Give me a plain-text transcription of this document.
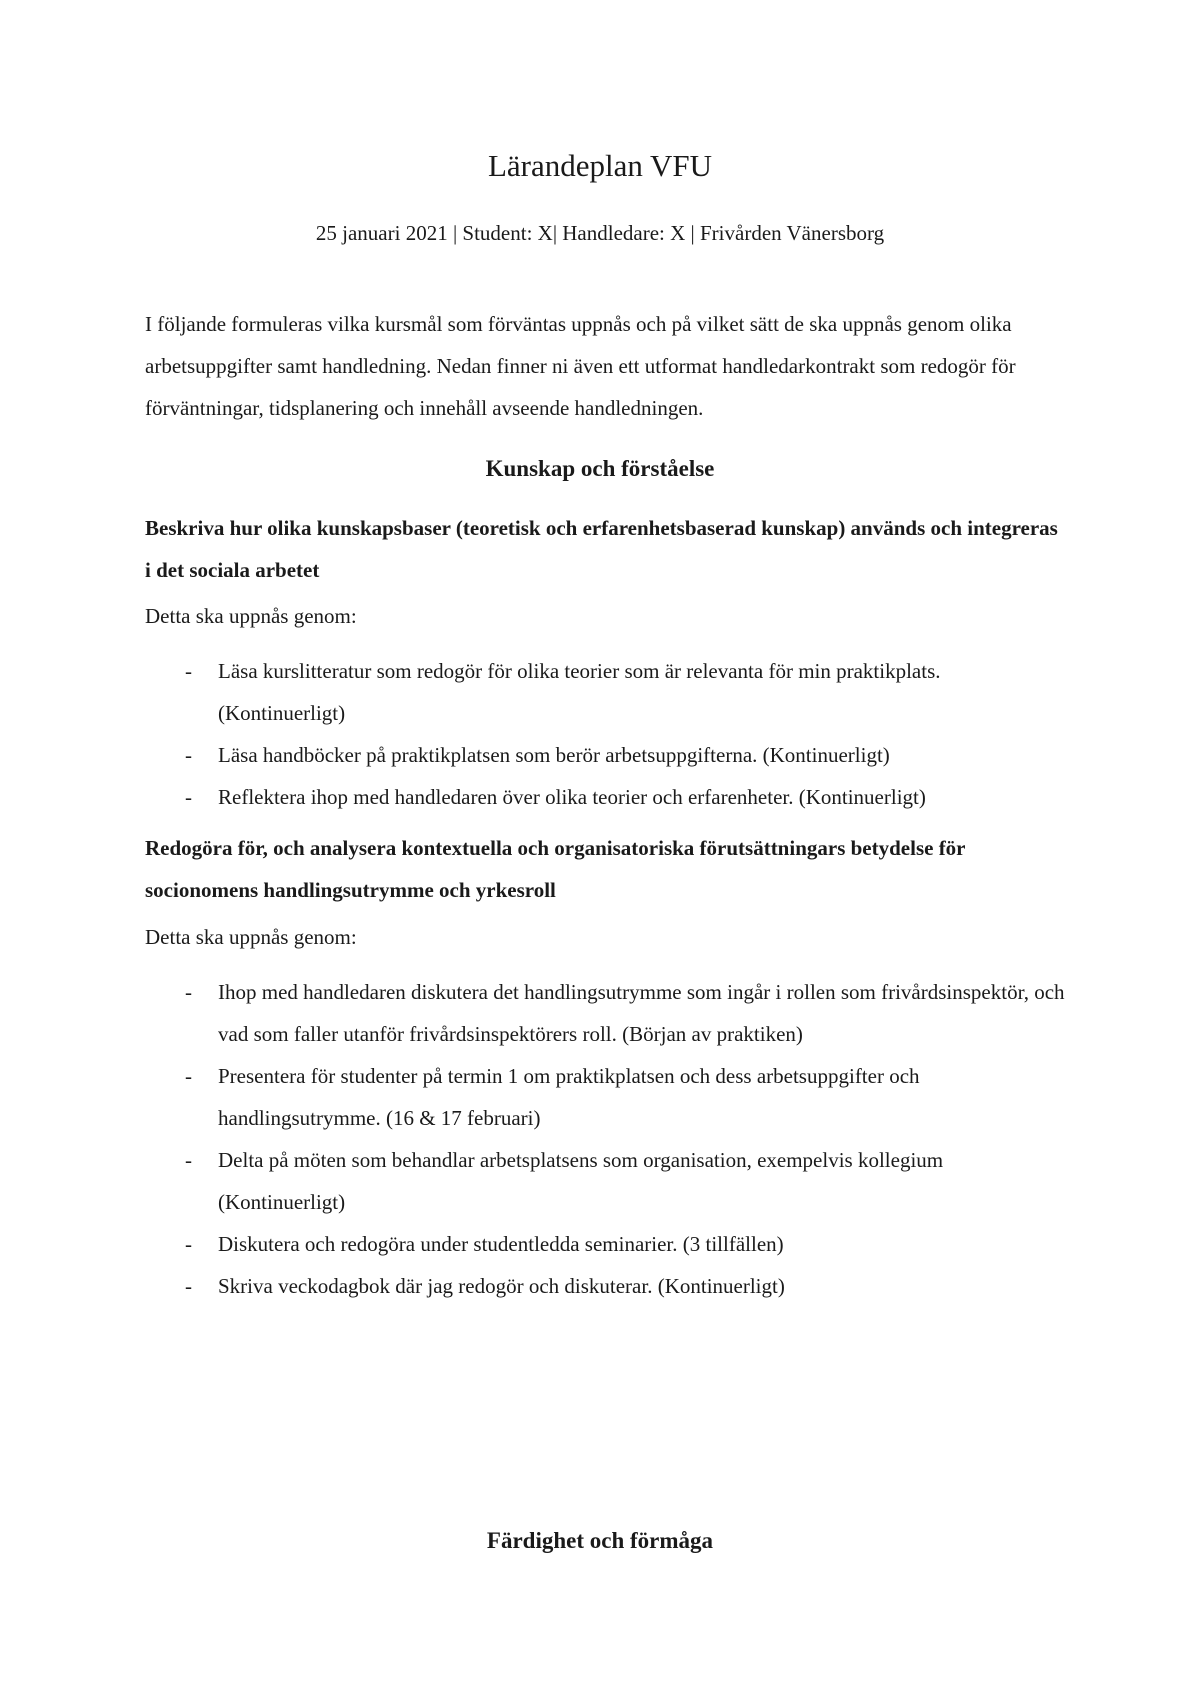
Lärandeplan VFU
25 januari 2021 | Student: X| Handledare: X | Frivården Vänersborg
I följande formuleras vilka kursmål som förväntas uppnås och på vilket sätt de ska uppnås genom olika arbetsuppgifter samt handledning. Nedan finner ni även ett utformat handledarkontrakt som redogör för förväntningar, tidsplanering och innehåll avseende handledningen.
Kunskap och förståelse
Beskriva hur olika kunskapsbaser (teoretisk och erfarenhetsbaserad kunskap) används och integreras i det sociala arbetet
Detta ska uppnås genom:
- Läsa kurslitteratur som redogör för olika teorier som är relevanta för min praktikplats. (Kontinuerligt)
- Läsa handböcker på praktikplatsen som berör arbetsuppgifterna. (Kontinuerligt)
- Reflektera ihop med handledaren över olika teorier och erfarenheter. (Kontinuerligt)
Redogöra för, och analysera kontextuella och organisatoriska förutsättningars betydelse för socionomens handlingsutrymme och yrkesroll
Detta ska uppnås genom:
- Ihop med handledaren diskutera det handlingsutrymme som ingår i rollen som frivårdsinspektör, och vad som faller utanför frivårdsinspektörers roll. (Början av praktiken)
- Presentera för studenter på termin 1 om praktikplatsen och dess arbetsuppgifter och handlingsutrymme. (16 & 17 februari)
- Delta på möten som behandlar arbetsplatsens som organisation, exempelvis kollegium (Kontinuerligt)
- Diskutera och redogöra under studentledda seminarier. (3 tillfällen)
- Skriva veckodagbok där jag redogör och diskuterar. (Kontinuerligt)
Färdighet och förmåga
